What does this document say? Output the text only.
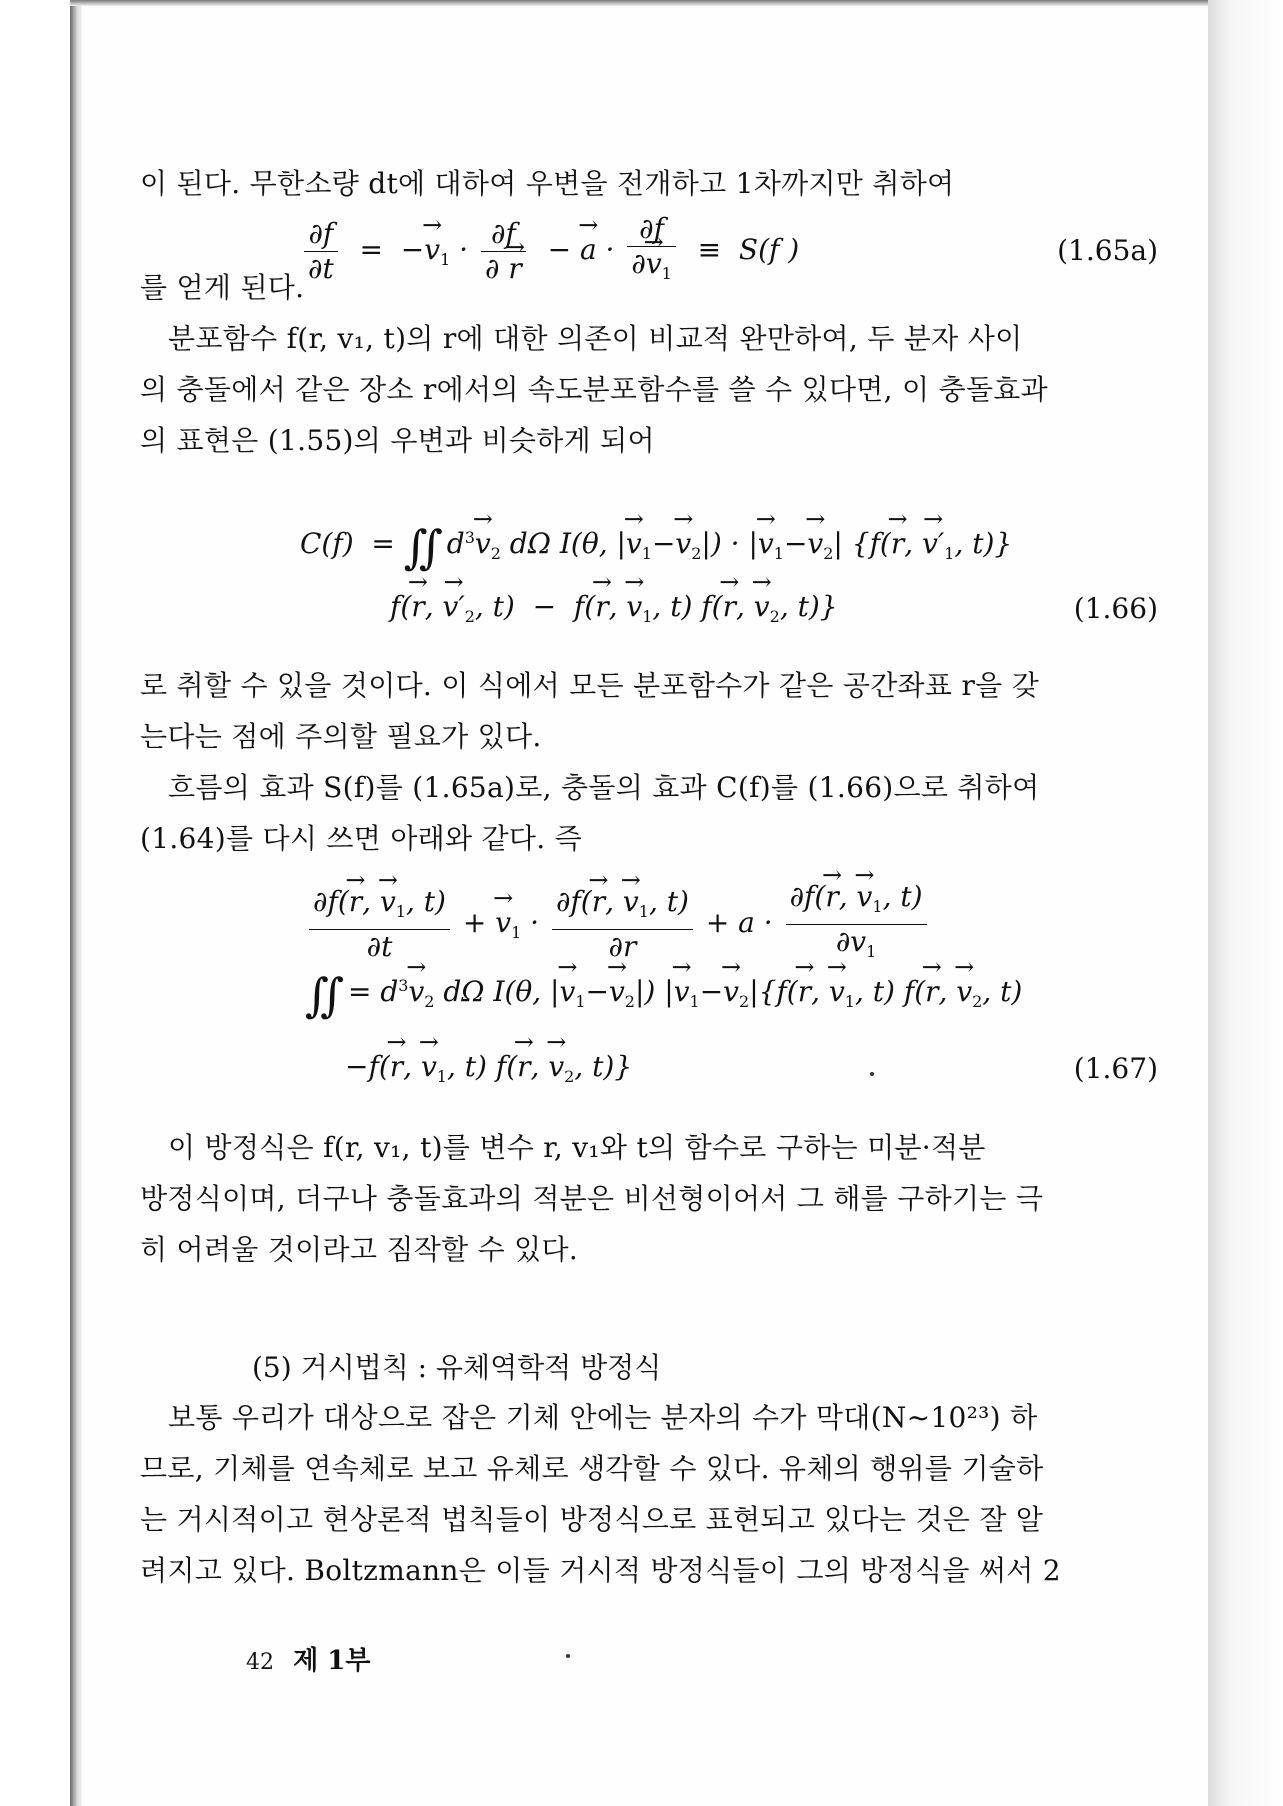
이 된다. 무한소량 dt에 대하여 우변을 전개하고 1차까지만 취하여
$\frac{\partial f}{\partial t}$ =  −→ $v_1 \cdot \frac{\partial f}{\partial \to r}$ − → $a \cdot \frac{\partial f}{\partial\to v_1} \equiv S(f$ )	(1.65a)
를 얻게 된다.
분포함수 f(r, v₁, t)의 r에 대한 의존이 비교적 완만하여, 두 분자 사이
의 충돌에서 같은 장소 r에서의 속도분포함수를 쓸 수 있다면, 이 충돌효과
의 표현은 (1.55)의 우변과 비슷하게 되어
C(f)  = ∬  $d^3\to v_2$ dΩ I(θ, |→ $v_1-\to v_2|$) · |→ $v_1-\to v_2|$ {f(→ r, → $v'_1$, t)}
f(→ r, → $v'_2$, t)  −  f(→ r, → $v_1$, t) f(→ r, → $v_2$, t)}	(1.66)
로 취할 수 있을 것이다. 이 식에서 모든 분포함수가 같은 공간좌표 r을 갖
는다는 점에 주의할 필요가 있다.
흐름의 효과 S(f)를 (1.65a)로, 충돌의 효과 C(f)를 (1.66)으로 취하여
(1.64)를 다시 쓰면 아래와 같다. 즉
$\frac{\partial f(\to r, \to v_1, t)}{\partial t}$ + → $v_1 \cdot \frac{\partial f(\to r, \to v_1, t)}{\partial r} + a \cdot \frac{\partial f(\to r, \to v_1, t)}{\partial v_1}$
∬  = $d^3\to v_2$ dΩ I(θ, |→ $v_1-\to v_2|$) |→ $v_1-\to v_2|\{f(\to r$, → $v_1$, t) f(→ r, → $v_2$, t)
−f(→ r, → $v_1$, t) f(→ r, → $v_2$, t)}	(1.67)
이 방정식은 f(r, v₁, t)를 변수 r, v₁와 t의 함수로 구하는 미분·적분
방정식이며, 더구나 충돌효과의 적분은 비선형이어서 그 해를 구하기는 극
히 어려울 것이라고 짐작할 수 있다.
(5) 거시법칙 : 유체역학적 방정식
보통 우리가 대상으로 잡은 기체 안에는 분자의 수가 막대(N~10²³) 하
므로, 기체를 연속체로 보고 유체로 생각할 수 있다. 유체의 행위를 기술하
는 거시적이고 현상론적 법칙들이 방정식으로 표현되고 있다는 것은 잘 알
려지고 있다. Boltzmann은 이들 거시적 방정식들이 그의 방정식을 써서 2
42 제 1부
